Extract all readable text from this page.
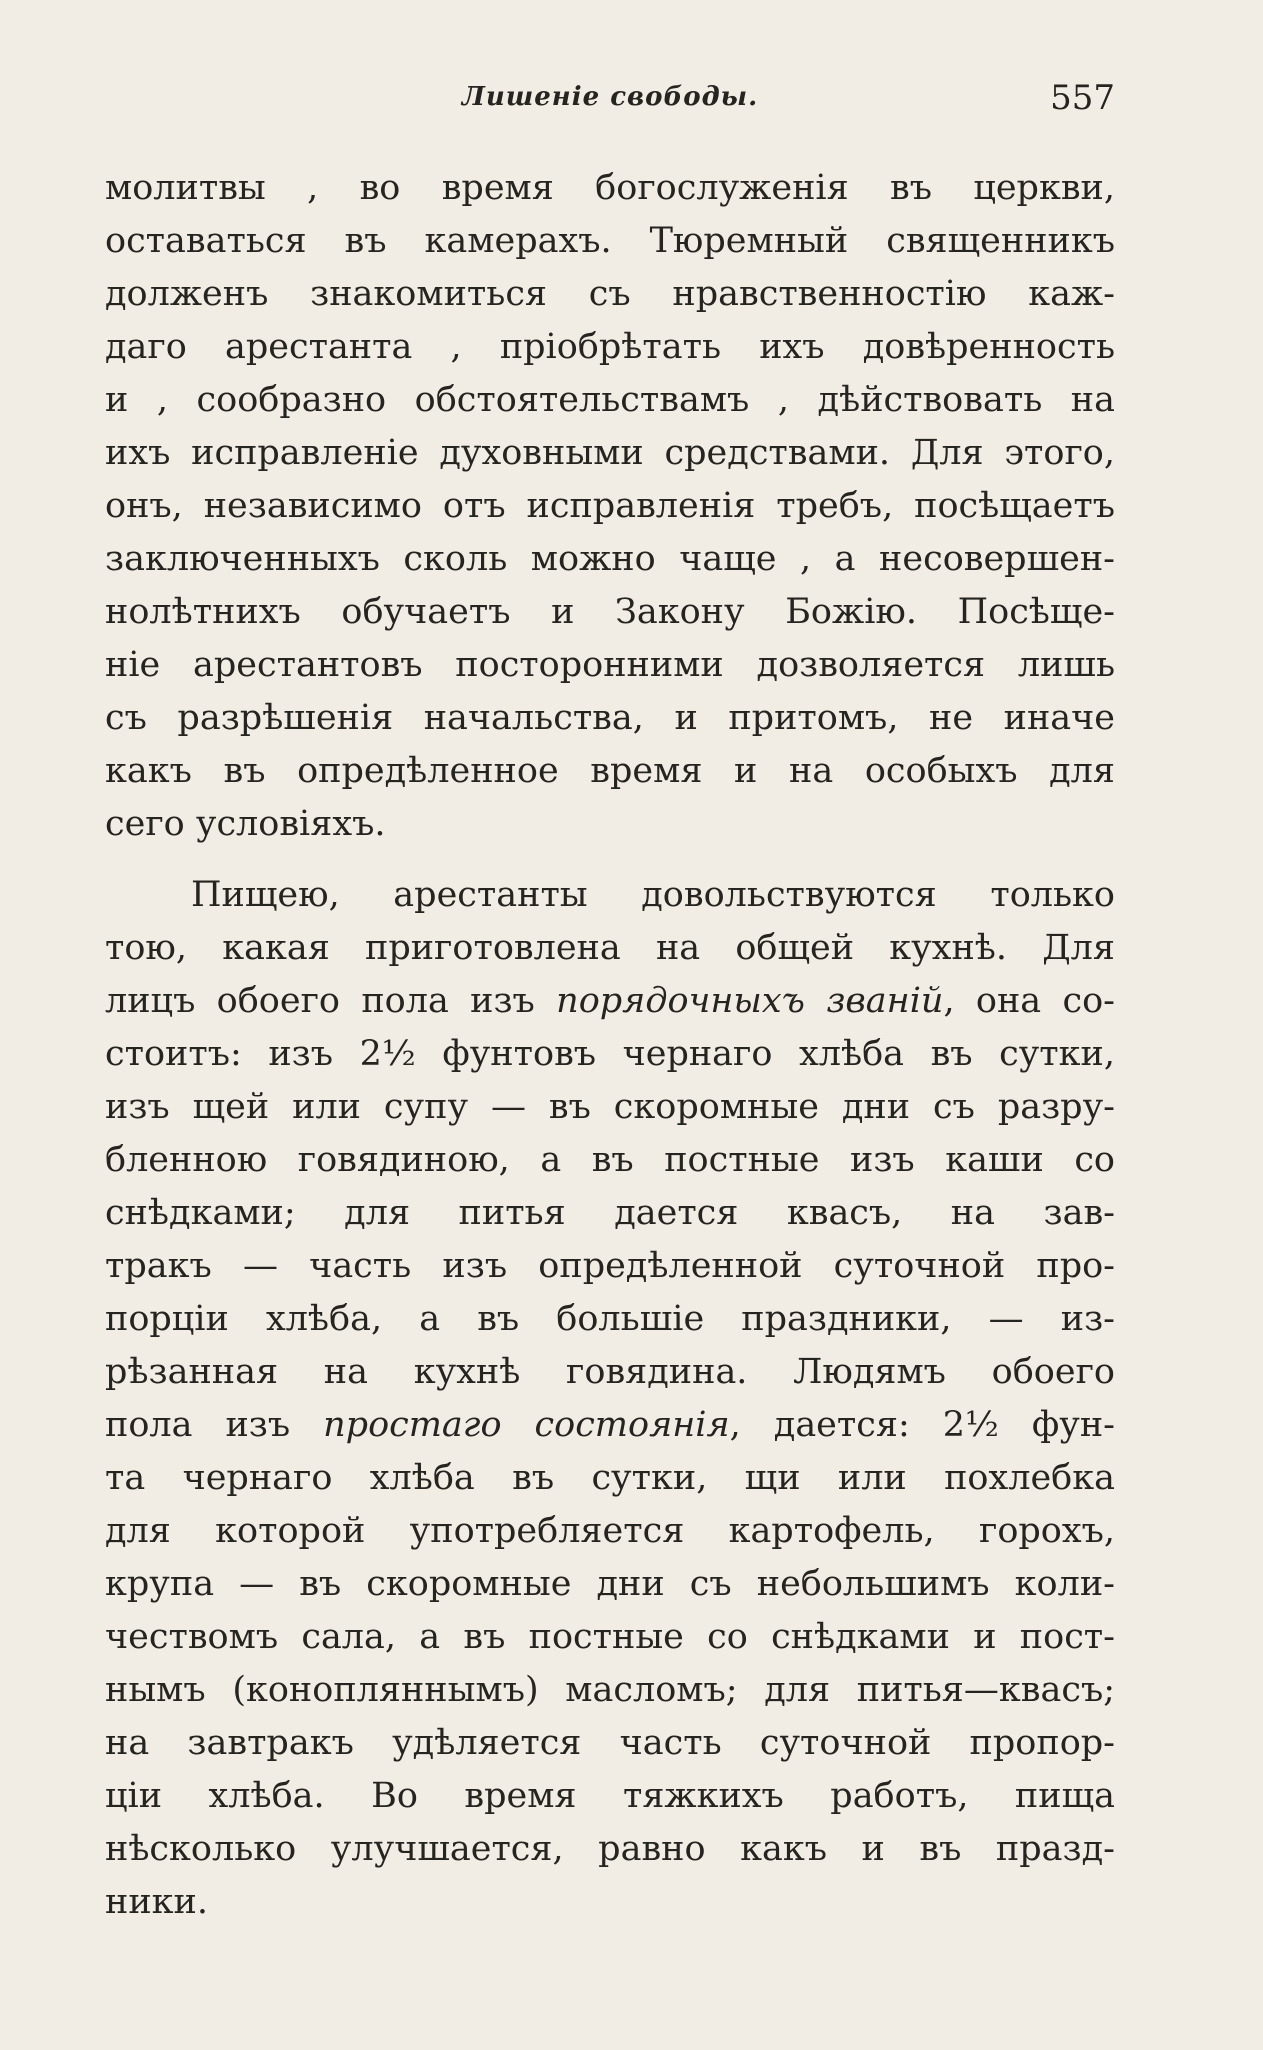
Лишеніе свободы.	557

молитвы , во время богослуженія въ церкви,
оставаться въ камерахъ. Тюремный священникъ
долженъ знакомиться съ нравственностію каж-
даго арестанта , пріобрѣтать ихъ довѣренность
и , сообразно обстоятельствамъ , дѣйствовать на
ихъ исправленіе духовными средствами. Для этого,
онъ, независимо отъ исправленія требъ, посѣщаетъ
заключенныхъ сколь можно чаще , а несовершен-
нолѣтнихъ обучаетъ и Закону Божію. Посѣще-
ніе арестантовъ посторонними дозволяется лишь
съ разрѣшенія начальства, и притомъ, не иначе
какъ въ опредѣленное время и на особыхъ для
сего условіяхъ.

Пищею, арестанты довольствуются только
тою, какая приготовлена на общей кухнѣ. Для
лицъ обоего пола изъ порядочныхъ званій, она со-
стоитъ: изъ 2½ фунтовъ чернаго хлѣба въ сутки,
изъ щей или супу — въ скоромные дни съ разру-
бленною говядиною, а въ постные изъ каши со
снѣдками; для питья дается квасъ, на зав-
тракъ — часть изъ опредѣленной суточной про-
порціи хлѣба, а въ большіе праздники, — из-
рѣзанная на кухнѣ говядина. Людямъ обоего
пола изъ простаго состоянія, дается: 2½ фун-
та чернаго хлѣба въ сутки, щи или похлебка
для которой употребляется картофель, горохъ,
крупа — въ скоромные дни съ небольшимъ коли-
чествомъ сала, а въ постные со снѣдками и пост-
нымъ (конопляннымъ) масломъ; для питья—квасъ;
на завтракъ удѣляется часть суточной пропор-
ціи хлѣба. Во время тяжкихъ работъ, пища
нѣсколько улучшается, равно какъ и въ празд-
ники.
